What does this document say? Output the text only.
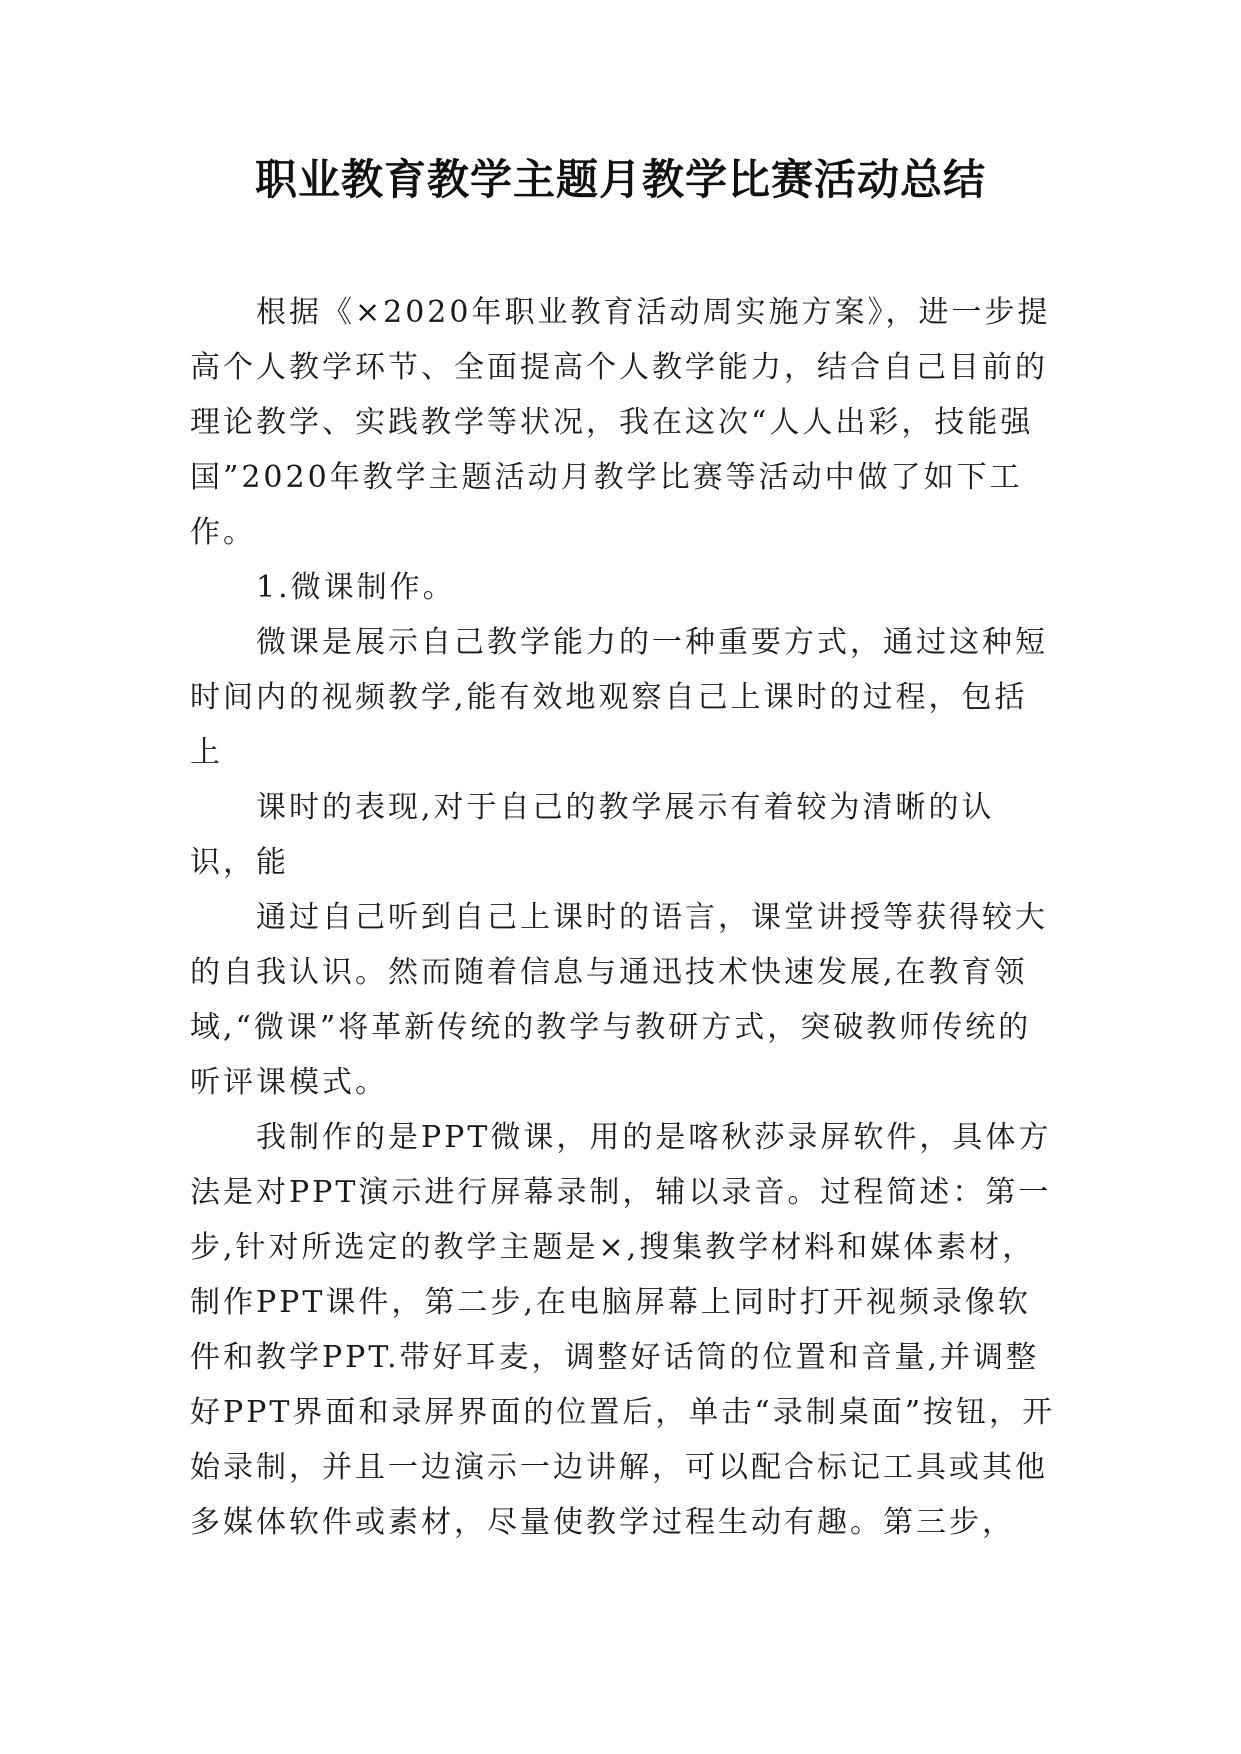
职业教育教学主题月教学比赛活动总结

根据《×2020年职业教育活动周实施方案》，进一步提高个人教学环节、全面提高个人教学能力，结合自己目前的理论教学、实践教学等状况，我在这次“人人出彩，技能强国”2020年教学主题活动月教学比赛等活动中做了如下工作。

1.微课制作。

微课是展示自己教学能力的一种重要方式，通过这种短时间内的视频教学,能有效地观察自己上课时的过程，包括上

课时的表现,对于自己的教学展示有着较为清晰的认识，能

通过自己听到自己上课时的语言，课堂讲授等获得较大的自我认识。然而随着信息与通迅技术快速发展,在教育领域,“微课”将革新传统的教学与教研方式，突破教师传统的听评课模式。

我制作的是PPT微课，用的是喀秋莎录屏软件，具体方法是对PPT演示进行屏幕录制，辅以录音。过程简述：第一步,针对所选定的教学主题是×,搜集教学材料和媒体素材，制作PPT课件，第二步,在电脑屏幕上同时打开视频录像软件和教学PPT.带好耳麦，调整好话筒的位置和音量,并调整好PPT界面和录屏界面的位置后，单击“录制桌面”按钮，开始录制，并且一边演示一边讲解，可以配合标记工具或其他多媒体软件或素材，尽量使教学过程生动有趣。第三步，
